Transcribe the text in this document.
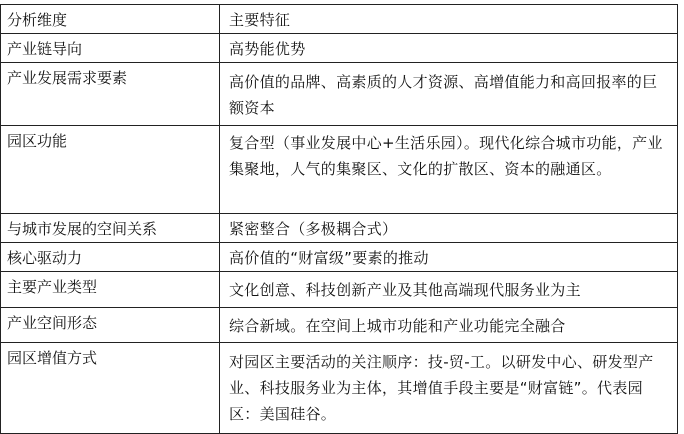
分析维度	主要特征
产业链导向	高势能优势
产业发展需求要素	高价值的品牌、高素质的人才资源、高增值能力和高回报率的巨额资本
园区功能	复合型（事业发展中心+生活乐园）。现代化综合城市功能，产业集聚地，人气的集聚区、文化的扩散区、资本的融通区。
与城市发展的空间关系	紧密整合（多极耦合式）
核心驱动力	高价值的“财富级”要素的推动
主要产业类型	文化创意、科技创新产业及其他高端现代服务业为主
产业空间形态	综合新域。在空间上城市功能和产业功能完全融合
园区增值方式	对园区主要活动的关注顺序：技-贸-工。以研发中心、研发型产业、科技服务业为主体，其增值手段主要是“财富链”。代表园区：美国硅谷。
